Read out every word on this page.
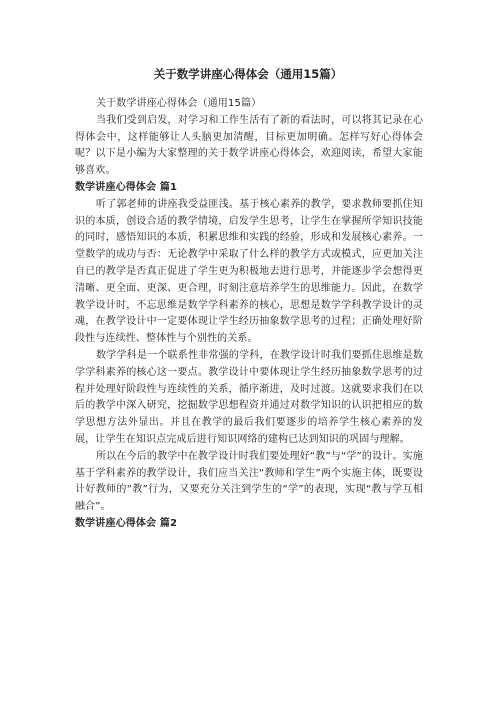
关于数学讲座心得体会（通用15篇）

关于数学讲座心得体会（通用15篇）

当我们受到启发，对学习和工作生活有了新的看法时，可以将其记录在心得体会中，这样能够让人头脑更加清醒，目标更加明确。怎样写好心得体会呢？以下是小编为大家整理的关于数学讲座心得体会，欢迎阅读，希望大家能够喜欢。

数学讲座心得体会 篇1

听了郭老师的讲座我受益匪浅。基于核心素养的教学，要求教师要抓住知识的本质，创设合适的教学情境，启发学生思考，让学生在掌握所学知识技能的同时，感悟知识的本质，积累思维和实践的经验，形成和发展核心素养。一堂数学的成功与否：无论教学中采取了什么样的教学方式或模式，应更加关注自已的教学是否真正促进了学生更为积极地去进行思考，并能逐步学会想得更清晰、更全面、更深、更合理，时刻注意培养学生的思维能力。因此，在数学教学设计时，不忘思维是数学学科素养的核心，思想是数学学科教学设计的灵魂，在教学设计中一定要体现让学生经历抽象数学思考的过程；正确处理好阶段性与连续性、整体性与个别性的关系。

数学学科是一个联系性非常强的学科，在教学设计时我们要抓住思维是数学学科素养的核心这一要点。教学设计中要体现让学生经历抽象数学思考的过程并处理好阶段性与连续性的关系，循序渐进，及时过渡。这就要求我们在以后的教学中深入研究，挖掘数学思想程资并通过对数学知识的认识把相应的数学思想方法外显出。并且在教学的最后我们要逐步的培养学生核心素养的发展，让学生在知识点完成后进行知识网络的建构已达到知识的巩固与理解。

所以在今后的教学中在教学设计时我们要处理好“教”与“学”的设计。实施基于学科素养的教学设计，我们应当关注“教师和学生”两个实施主体，既要设计好教师的“教”行为，又要充分关注到学生的“学”的表现，实现“教与学互相融合”。

数学讲座心得体会 篇2
